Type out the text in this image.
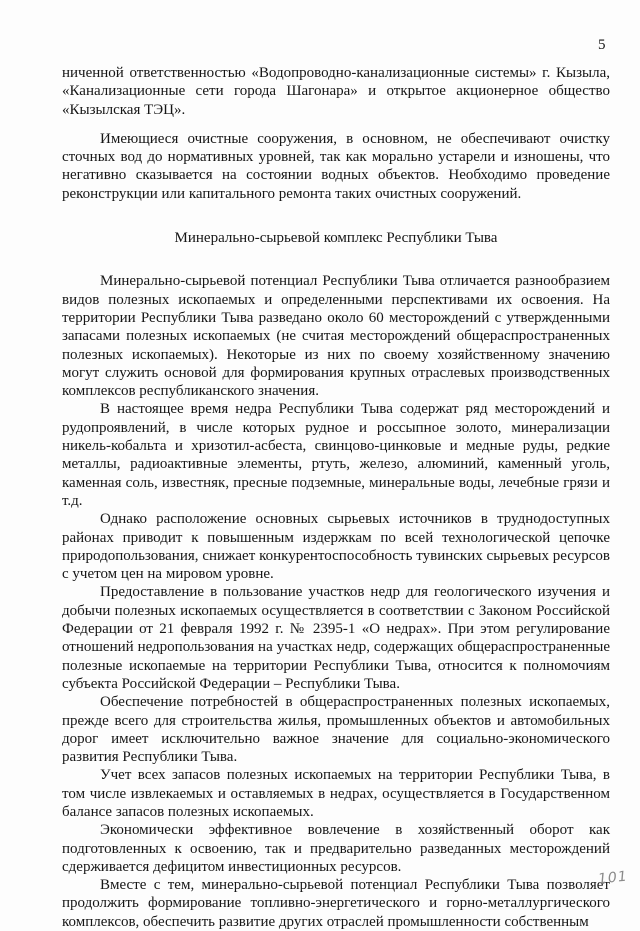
5

ниченной ответственностью «Водопроводно-канализационные системы» г. Кызыла, «Канализационные сети города Шагонара» и открытое акционерное общество «Кызылская ТЭЦ».

Имеющиеся очистные сооружения, в основном, не обеспечивают очистку сточных вод до нормативных уровней, так как морально устарели и изношены, что негативно сказывается на состоянии водных объектов. Необходимо проведение реконструкции или капитального ремонта таких очистных сооружений.

Минерально-сырьевой комплекс Республики Тыва

Минерально-сырьевой потенциал Республики Тыва отличается разнообразием видов полезных ископаемых и определенными перспективами их освоения. На территории Республики Тыва разведано около 60 месторождений с утвержденными запасами полезных ископаемых (не считая месторождений общераспространенных полезных ископаемых). Некоторые из них по своему хозяйственному значению могут служить основой для формирования крупных отраслевых производственных комплексов республиканского значения.

В настоящее время недра Республики Тыва содержат ряд месторождений и рудопроявлений, в числе которых рудное и россыпное золото, минерализации никель-кобальта и хризотил-асбеста, свинцово-цинковые и медные руды, редкие металлы, радиоактивные элементы, ртуть, железо, алюминий, каменный уголь, каменная соль, известняк, пресные подземные, минеральные воды, лечебные грязи и т.д.

Однако расположение основных сырьевых источников в труднодоступных районах приводит к повышенным издержкам по всей технологической цепочке природопользования, снижает конкурентоспособность тувинских сырьевых ресурсов с учетом цен на мировом уровне.

Предоставление в пользование участков недр для геологического изучения и добычи полезных ископаемых осуществляется в соответствии с Законом Российской Федерации от 21 февраля 1992 г. № 2395-1 «О недрах». При этом регулирование отношений недропользования на участках недр, содержащих общераспространенные полезные ископаемые на территории Республики Тыва, относится к полномочиям субъекта Российской Федерации – Республики Тыва.

Обеспечение потребностей в общераспространенных полезных ископаемых, прежде всего для строительства жилья, промышленных объектов и автомобильных дорог имеет исключительно важное значение для социально-экономического развития Республики Тыва.

Учет всех запасов полезных ископаемых на территории Республики Тыва, в том числе извлекаемых и оставляемых в недрах, осуществляется в Государственном балансе запасов полезных ископаемых.

Экономически эффективное вовлечение в хозяйственный оборот как подготовленных к освоению, так и предварительно разведанных месторождений сдерживается дефицитом инвестиционных ресурсов.

Вместе с тем, минерально-сырьевой потенциал Республики Тыва позволяет продолжить формирование топливно-энергетического и горно-металлургического комплексов, обеспечить развитие других отраслей промышленности собственным

101
